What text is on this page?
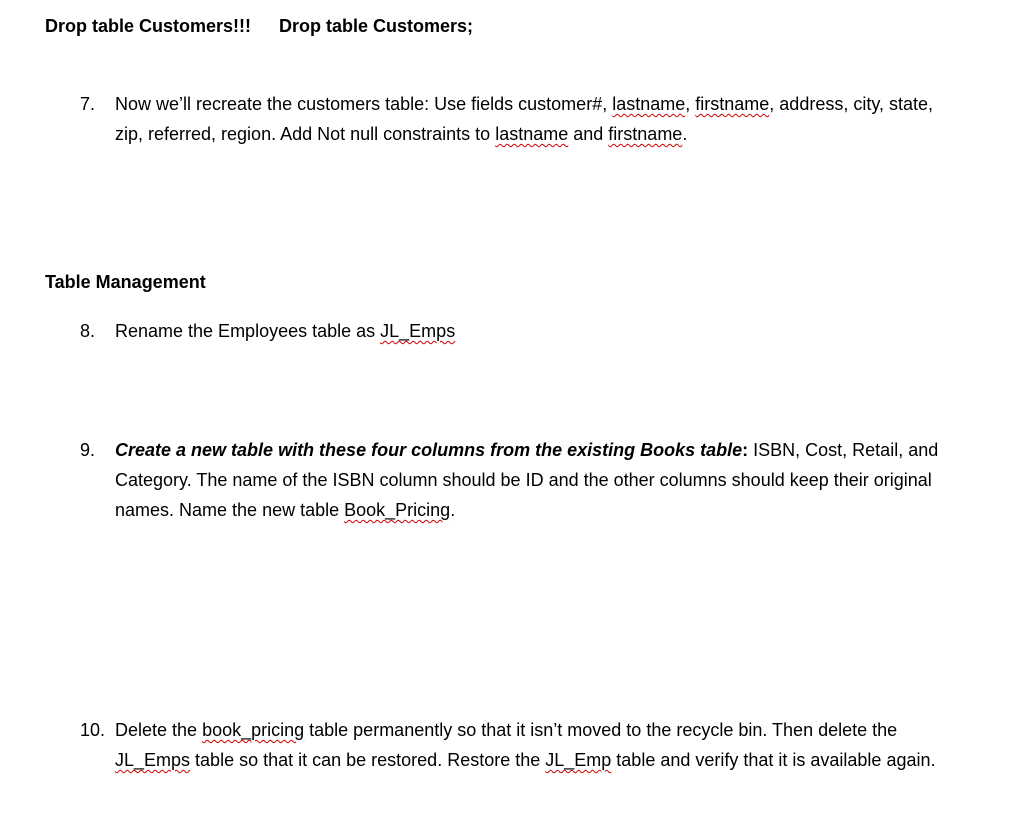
Drop table Customers!!! Drop table Customers;
7.	Now we’ll recreate the customers table: Use fields customer#, lastname, firstname, address, city, state, zip, referred, region. Add Not null constraints to lastname and firstname.
Table Management
8.	Rename the Employees table as JL_Emps
9.	Create a new table with these four columns from the existing Books table: ISBN, Cost, Retail, and Category. The name of the ISBN column should be ID and the other columns should keep their original names. Name the new table Book_Pricing.
10. Delete the book_pricing table permanently so that it isn’t moved to the recycle bin. Then delete the JL_Emps table so that it can be restored. Restore the JL_Emp table and verify that it is available again.
